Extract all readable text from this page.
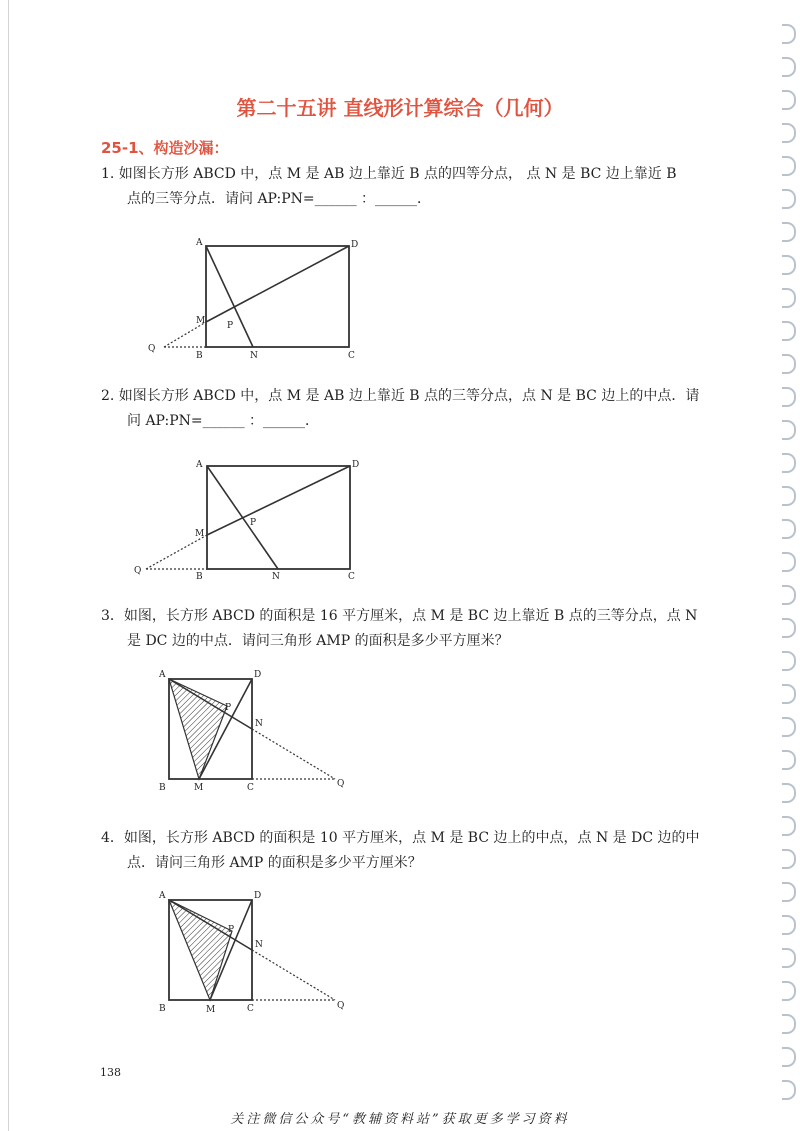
第二十五讲 直线形计算综合（几何）
25-1、构造沙漏：
1. 如图长方形 ABCD 中，点 M 是 AB 边上靠近 B 点的四等分点， 点 N 是 BC 边上靠近 B
点的三等分点．请问 AP:PN=______ ：______．
A	D
M P
Q
B	N	C
2. 如图长方形 ABCD 中，点 M 是 AB 边上靠近 B 点的三等分点，点 N 是 BC 边上的中点．请
问 AP:PN=______ ：______．
A	D
M
P
Q
B	N	C
3．如图，长方形 ABCD 的面积是 16 平方厘米，点 M 是 BC 边上靠近 B 点的三等分点，点 N
是 DC 边的中点．请问三角形 AMP 的面积是多少平方厘米？
A	D
P
N
B	M	C	Q
4．如图，长方形 ABCD 的面积是 10 平方厘米，点 M 是 BC 边上的中点，点 N 是 DC 边的中
点．请问三角形 AMP 的面积是多少平方厘米？
A	D
P
N
B	M	C	Q
138
关注微信公众号“教辅资料站”获取更多学习资料
